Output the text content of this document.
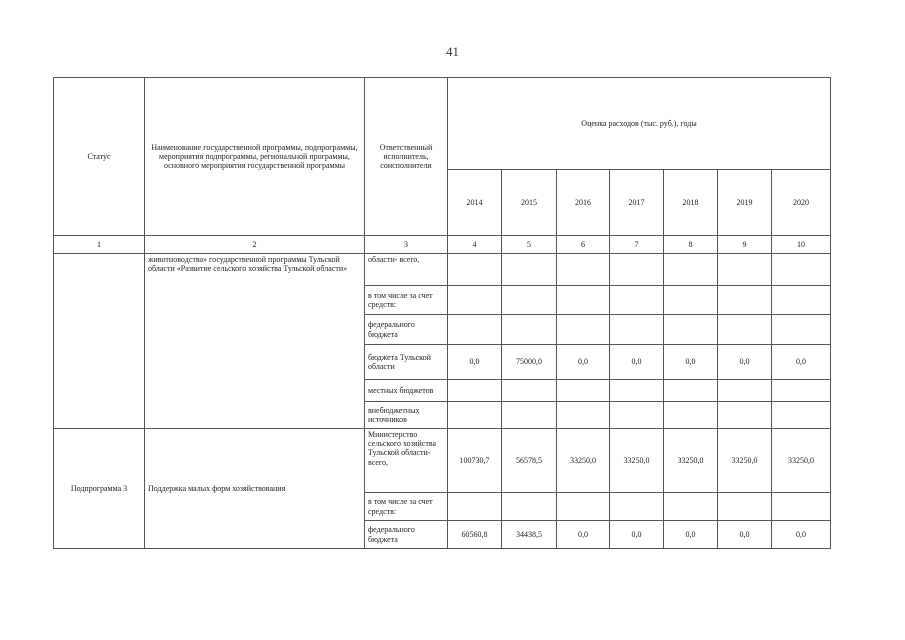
41
Статус	Наименование государственной программы, подпрограммы, мероприятия подпрограммы, региональной программы, основного мероприятия государственной программы	Ответственный исполнитель, соисполнители	Оценка расходов (тыс. руб.), годы						
			2014	2015	2016	2017	2018	2019	2020
1	2	3	4	5	6	7	8	9	10
	животноводства» государственной программы Тульской области «Развитие сельского хозяйства Тульской области»	области- всего,							
		в том числе за счет средств:							
		федерального бюджета							
		бюджета Тульской области	0,0	75000,0	0,0	0,0	0,0	0,0	0,0
		местных бюджетов							
		внебюджетных источников							
Подпрограмма 3	Поддержка малых форм хозяйствования	Министерство сельского хозяйства Тульской области- всего,	100730,7	56578,5	33250,0	33250,0	33250,0	33250,0	33250,0
		в том числе за счет средств:							
		федерального бюджета	60560,8	34438,5	0,0	0,0	0,0	0,0	0,0
